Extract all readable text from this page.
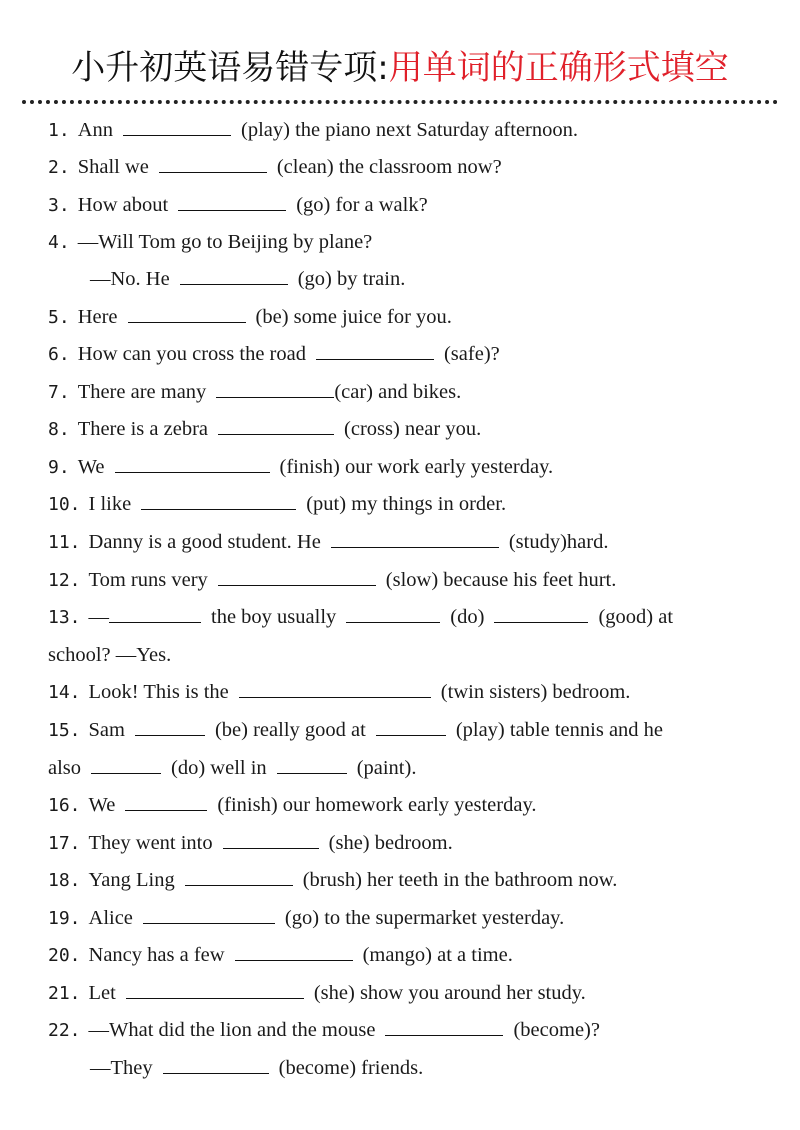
小升初英语易错专项:用单词的正确形式填空
1. Ann	(play) the piano next Saturday afternoon.
2. Shall we	(clean) the classroom now?
3. How about	(go) for a walk?
4. —Will Tom go to Beijing by plane?
—No. He	(go) by train.
5. Here	(be) some juice for you.
6. How can you cross the road	(safe)?
7. There are many	(car) and bikes.
8. There is a zebra	(cross) near you.
9. We	(finish) our work early yesterday.
10. I like	(put) my things in order.
11. Danny is a good student. He	(study)hard.
12. Tom runs very	(slow) because his feet hurt.
13. —	the boy usually	(do)	(good) at
school? —Yes.
14. Look! This is the	(twin sisters) bedroom.
15. Sam	(be) really good at	(play) table tennis and he
also	(do) well in	(paint).
16. We	(finish) our homework early yesterday.
17. They went into	(she) bedroom.
18. Yang Ling	(brush) her teeth in the bathroom now.
19. Alice	(go) to the supermarket yesterday.
20. Nancy has a few	(mango) at a time.
21. Let	(she) show you around her study.
22. —What did the lion and the mouse	(become)?
—They	(become) friends.
